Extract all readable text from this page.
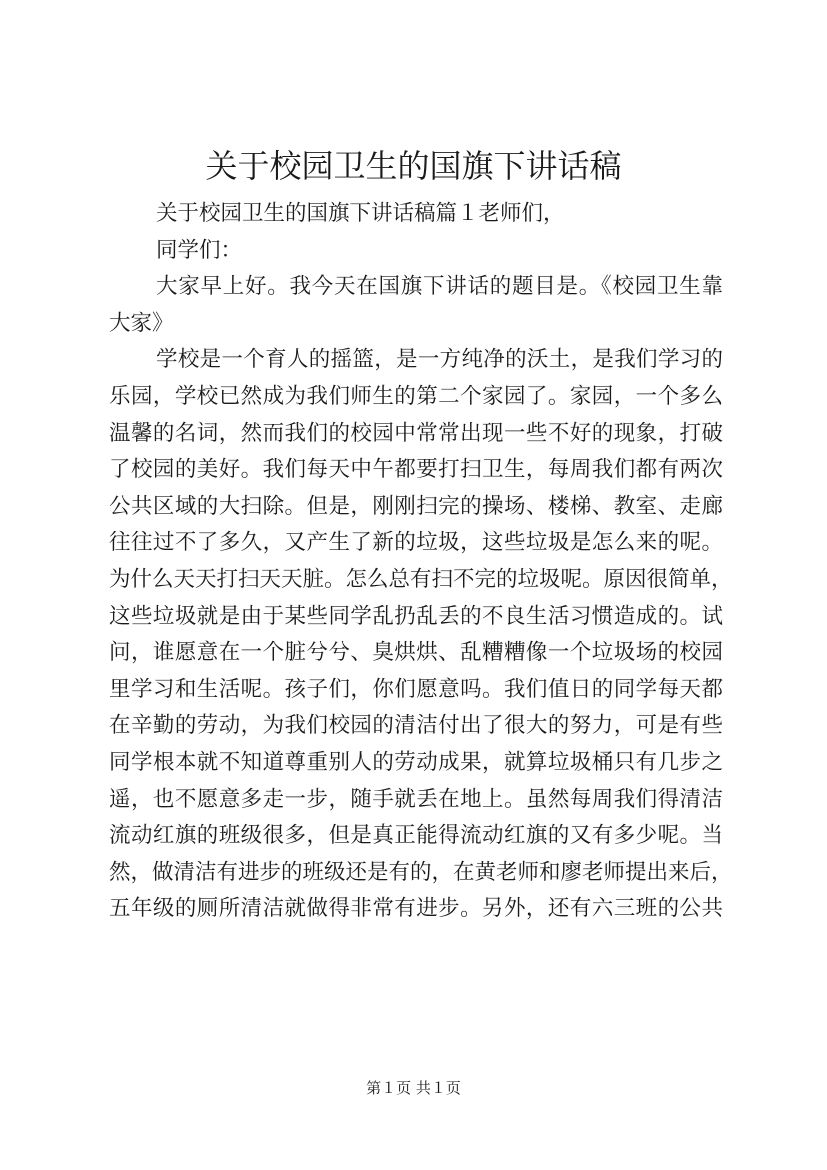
关于校园卫生的国旗下讲话稿
关于校园卫生的国旗下讲话稿篇１老师们，
同学们：
大家早上好。我今天在国旗下讲话的题目是。《校园卫生靠
大家》
学校是一个育人的摇篮，是一方纯净的沃土，是我们学习的
乐园，学校已然成为我们师生的第二个家园了。家园，一个多么
温馨的名词，然而我们的校园中常常出现一些不好的现象，打破
了校园的美好。我们每天中午都要打扫卫生，每周我们都有两次
公共区域的大扫除。但是，刚刚扫完的操场、楼梯、教室、走廊
往往过不了多久，又产生了新的垃圾，这些垃圾是怎么来的呢。
为什么天天打扫天天脏。怎么总有扫不完的垃圾呢。原因很简单，
这些垃圾就是由于某些同学乱扔乱丢的不良生活习惯造成的。试
问，谁愿意在一个脏兮兮、臭烘烘、乱糟糟像一个垃圾场的校园
里学习和生活呢。孩子们，你们愿意吗。我们值日的同学每天都
在辛勤的劳动，为我们校园的清洁付出了很大的努力，可是有些
同学根本就不知道尊重别人的劳动成果，就算垃圾桶只有几步之
遥，也不愿意多走一步，随手就丢在地上。虽然每周我们得清洁
流动红旗的班级很多，但是真正能得流动红旗的又有多少呢。当
然，做清洁有进步的班级还是有的，在黄老师和廖老师提出来后，
五年级的厕所清洁就做得非常有进步。另外，还有六三班的公共
第１页 共１页
